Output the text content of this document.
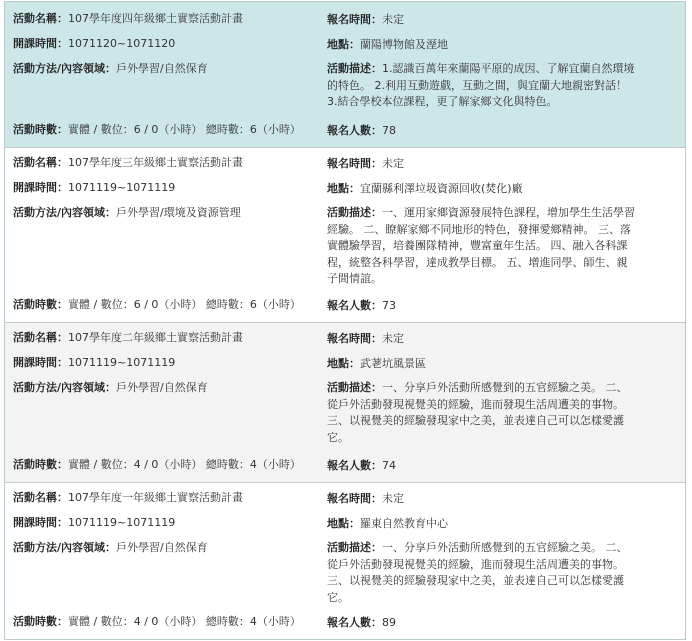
活動名稱：107學年度四年級鄉土實察活動計畫	報名時間：未定
開課時間：1071120~1071120	地點：蘭陽博物館及溼地
活動方法/內容領域：戶外學習/自然保育	活動描述：1.認識百萬年來蘭陽平原的成因、了解宜蘭自然環境的特色。 2.利用互動遊戲，互動之間，與宜蘭大地親密對話！ 3.結合學校本位課程，更了解家鄉文化與特色。
活動時數：實體 / 數位：6 / 0（小時） 總時數：6（小時）	報名人數：78
活動名稱：107學年度三年級鄉土實察活動計畫	報名時間：未定
開課時間：1071119~1071119	地點：宜蘭縣利澤垃圾資源回收(焚化)廠
活動方法/內容領域：戶外學習/環境及資源管理	活動描述：一、運用家鄉資源發展特色課程，增加學生生活學習經驗。 二、瞭解家鄉不同地形的特色，發揮愛鄉精神。 三、落實體驗學習，培養團隊精神，豐富童年生活。 四、融入各科課程，統整各科學習，達成教學目標。 五、增進同學、師生、親子間情誼。
活動時數：實體 / 數位：6 / 0（小時） 總時數：6（小時）	報名人數：73
活動名稱：107學年度二年級鄉土實察活動計畫	報名時間：未定
開課時間：1071119~1071119	地點：武荖坑風景區
活動方法/內容領域：戶外學習/自然保育	活動描述：一、分享戶外活動所感覺到的五官經驗之美。 二、從戶外活動發現視覺美的經驗，進而發現生活周遭美的事物。 三、以視覺美的經驗發現家中之美，並表達自己可以怎樣愛護它。
活動時數：實體 / 數位：4 / 0（小時） 總時數：4（小時）	報名人數：74
活動名稱：107學年度一年級鄉土實察活動計畫	報名時間：未定
開課時間：1071119~1071119	地點：羅東自然教育中心
活動方法/內容領域：戶外學習/自然保育	活動描述：一、分享戶外活動所感覺到的五官經驗之美。 二、從戶外活動發現視覺美的經驗，進而發現生活周遭美的事物。 三、以視覺美的經驗發現家中之美，並表達自己可以怎樣愛護它。
活動時數：實體 / 數位：4 / 0（小時） 總時數：4（小時）	報名人數：89
